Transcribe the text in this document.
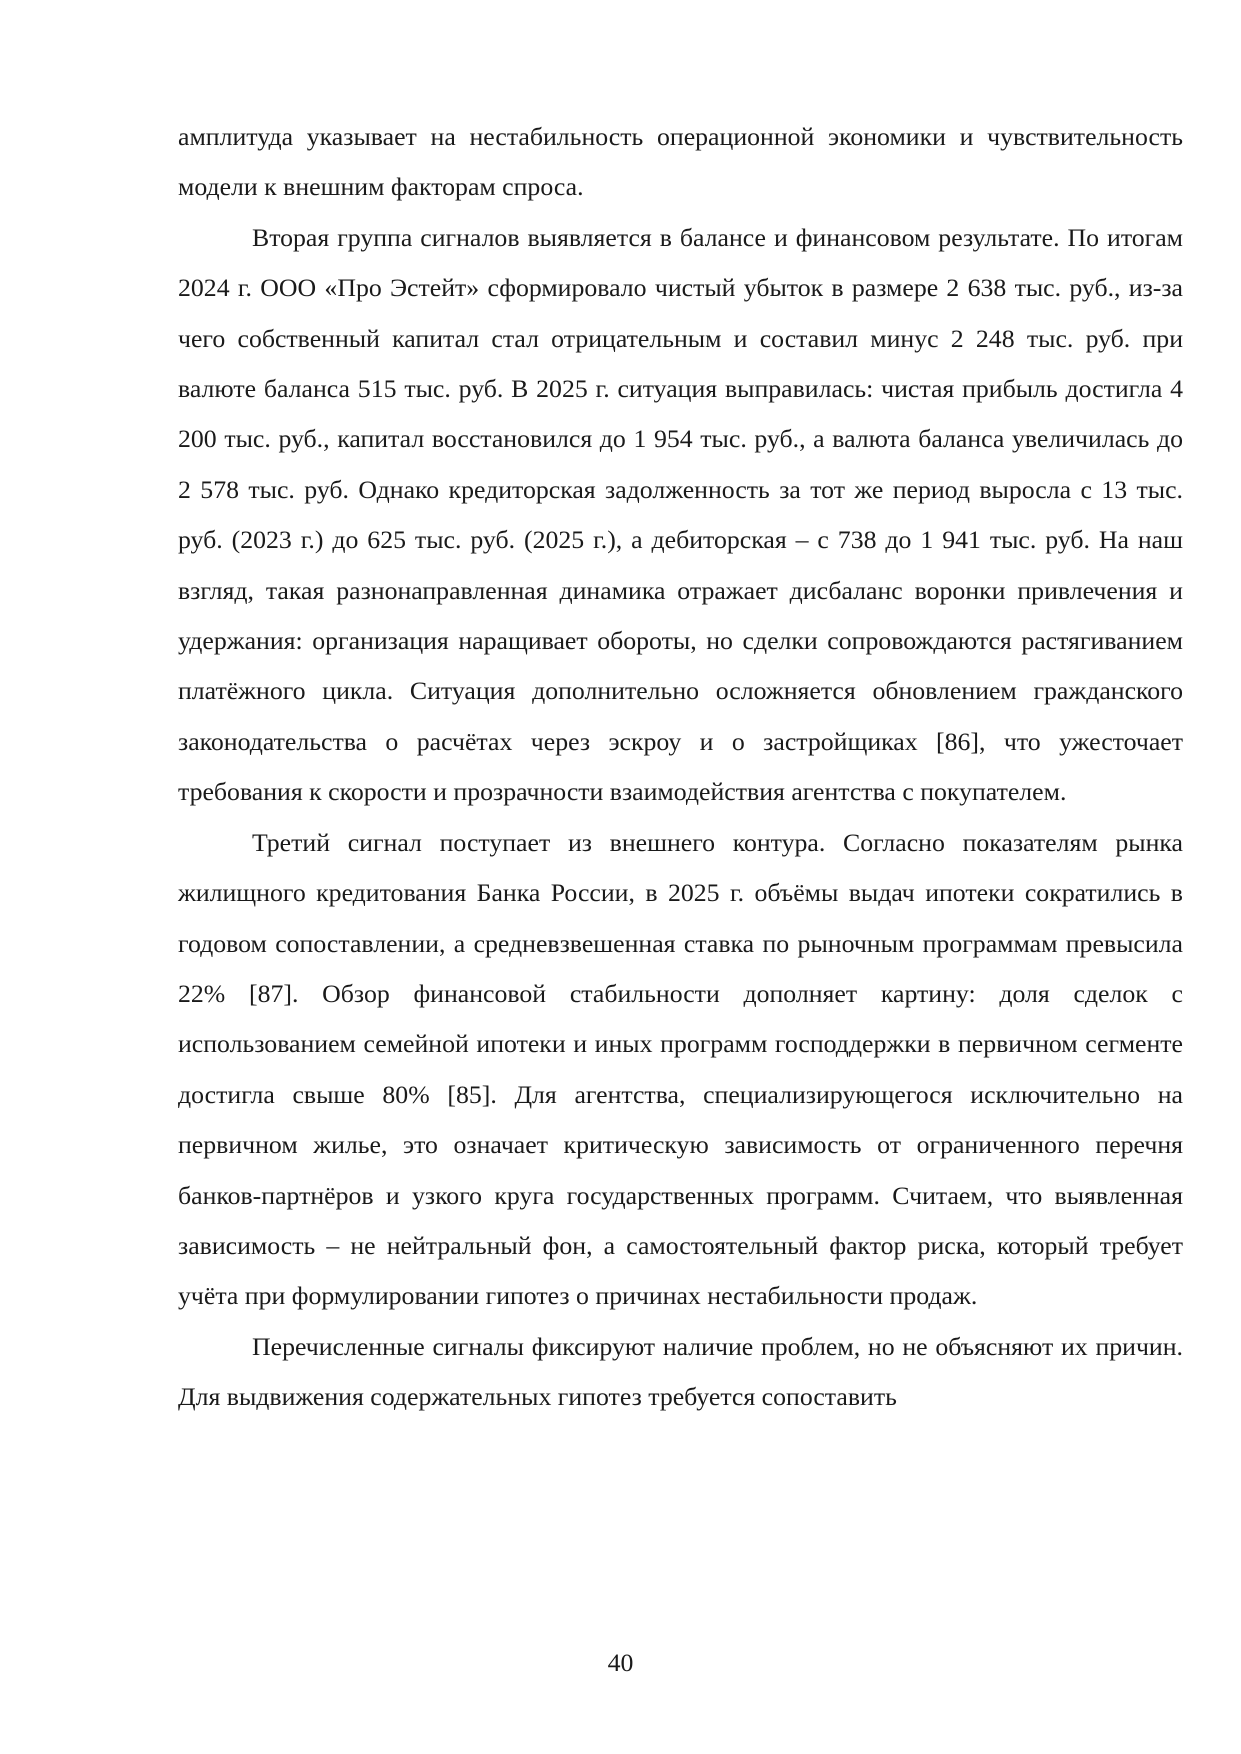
амплитуда указывает на нестабильность операционной экономики и чувствительность модели к внешним факторам спроса.

Вторая группа сигналов выявляется в балансе и финансовом результате. По итогам 2024 г. ООО «Про Эстейт» сформировало чистый убыток в размере 2 638 тыс. руб., из-за чего собственный капитал стал отрицательным и составил минус 2 248 тыс. руб. при валюте баланса 515 тыс. руб. В 2025 г. ситуация выправилась: чистая прибыль достигла 4 200 тыс. руб., капитал восстановился до 1 954 тыс. руб., а валюта баланса увеличилась до 2 578 тыс. руб. Однако кредиторская задолженность за тот же период выросла с 13 тыс. руб. (2023 г.) до 625 тыс. руб. (2025 г.), а дебиторская – с 738 до 1 941 тыс. руб. На наш взгляд, такая разнонаправленная динамика отражает дисбаланс воронки привлечения и удержания: организация наращивает обороты, но сделки сопровождаются растягиванием платёжного цикла. Ситуация дополнительно осложняется обновлением гражданского законодательства о расчётах через эскроу и о застройщиках [86], что ужесточает требования к скорости и прозрачности взаимодействия агентства с покупателем.

Третий сигнал поступает из внешнего контура. Согласно показателям рынка жилищного кредитования Банка России, в 2025 г. объёмы выдач ипотеки сократились в годовом сопоставлении, а средневзвешенная ставка по рыночным программам превысила 22% [87]. Обзор финансовой стабильности дополняет картину: доля сделок с использованием семейной ипотеки и иных программ господдержки в первичном сегменте достигла свыше 80% [85]. Для агентства, специализирующегося исключительно на первичном жилье, это означает критическую зависимость от ограниченного перечня банков-партнёров и узкого круга государственных программ. Считаем, что выявленная зависимость – не нейтральный фон, а самостоятельный фактор риска, который требует учёта при формулировании гипотез о причинах нестабильности продаж.

Перечисленные сигналы фиксируют наличие проблем, но не объясняют их причин. Для выдвижения содержательных гипотез требуется сопоставить

40
